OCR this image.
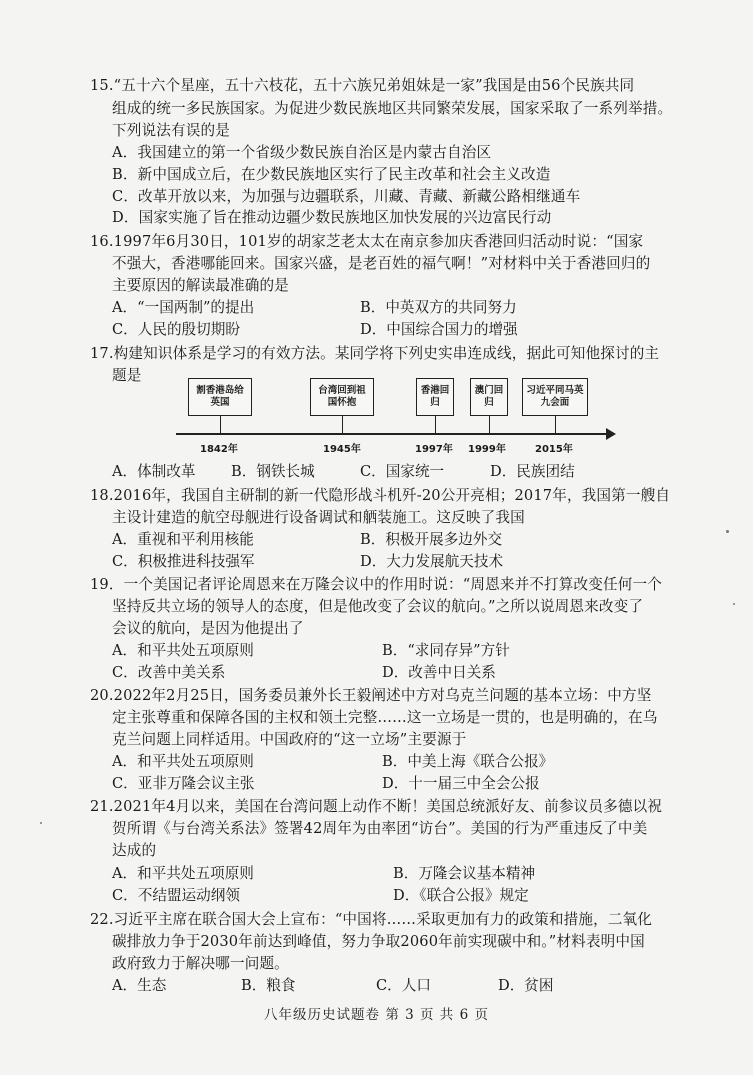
15.“五十六个星座，五十六枝花，五十六族兄弟姐妹是一家”我国是由56个民族共同
组成的统一多民族国家。为促进少数民族地区共同繁荣发展，国家采取了一系列举措。
下列说法有误的是
A．我国建立的第一个省级少数民族自治区是内蒙古自治区
B．新中国成立后，在少数民族地区实行了民主改革和社会主义改造
C．改革开放以来，为加强与边疆联系，川藏、青藏、新藏公路相继通车
D．国家实施了旨在推动边疆少数民族地区加快发展的兴边富民行动
16.1997年6月30日，101岁的胡家芝老太太在南京参加庆香港回归活动时说：“国家
不强大，香港哪能回来。国家兴盛，是老百姓的福气啊！”对材料中关于香港回归的
主要原因的解读最准确的是
A．“一国两制”的提出	B．中英双方的共同努力
C．人民的殷切期盼	D．中国综合国力的增强
17.构建知识体系是学习的有效方法。某同学将下列史实串连成线，据此可知他探讨的主
题是
割香港岛给英国
台湾回到祖国怀抱
香港回归
澳门回归
习近平同马英九会面
1842年	1945年	1997年 1999年	2015年
A．体制改革 B．钢铁长城	C．国家统一	D．民族团结
18.2016年，我国自主研制的新一代隐形战斗机歼-20公开亮相；2017年，我国第一艘自
主设计建造的航空母舰进行设备调试和舾装施工。这反映了我国
A．重视和平利用核能	B．积极开展多边外交
C．积极推进科技强军	D．大力发展航天技术
19．一个美国记者评论周恩来在万隆会议中的作用时说：“周恩来并不打算改变任何一个
坚持反共立场的领导人的态度，但是他改变了会议的航向。”之所以说周恩来改变了
会议的航向，是因为他提出了
A．和平共处五项原则	B．“求同存异”方针
C．改善中美关系	D．改善中日关系
20.2022年2月25日，国务委员兼外长王毅阐述中方对乌克兰问题的基本立场：中方坚
定主张尊重和保障各国的主权和领土完整……这一立场是一贯的，也是明确的，在乌
克兰问题上同样适用。中国政府的“这一立场”主要源于
A．和平共处五项原则	B．中美上海《联合公报》
C．亚非万隆会议主张	D．十一届三中全会公报
21.2021年4月以来，美国在台湾问题上动作不断！美国总统派好友、前参议员多德以祝
贺所谓《与台湾关系法》签署42周年为由率团“访台”。美国的行为严重违反了中美
达成的
A．和平共处五项原则	B．万隆会议基本精神
C．不结盟运动纲领	D．《联合公报》规定
22.习近平主席在联合国大会上宣布：“中国将……采取更加有力的政策和措施，二氧化
碳排放力争于2030年前达到峰值，努力争取2060年前实现碳中和。”材料表明中国
政府致力于解决哪一问题。
A．生态	B．粮食	C．人口	D．贫困
八年级历史试题卷 第 3 页 共 6 页
